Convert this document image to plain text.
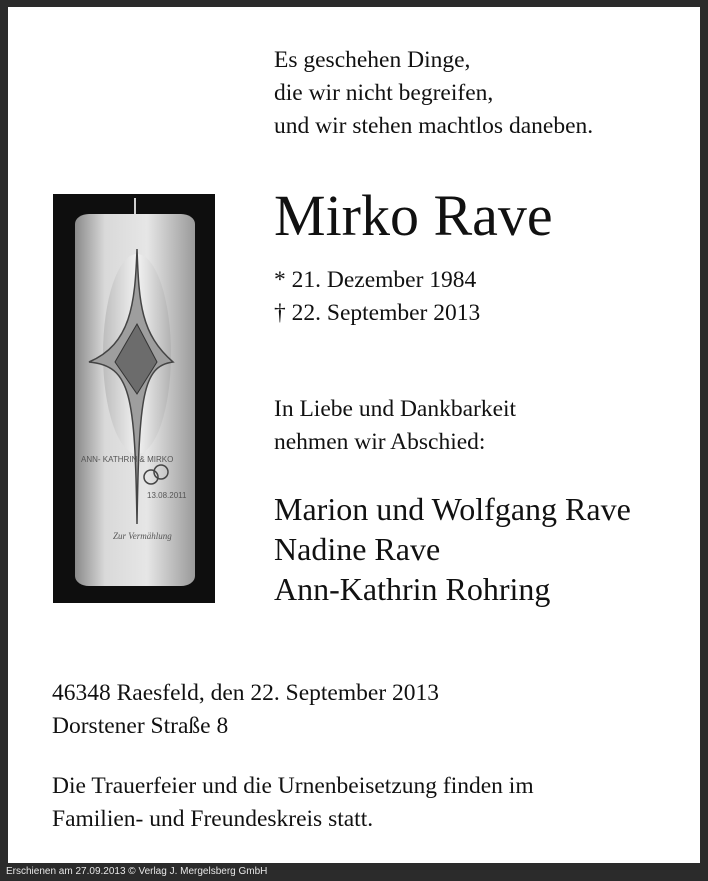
Es geschehen Dinge,
die wir nicht begreifen,
und wir stehen machtlos daneben.
Mirko Rave
* 21. Dezember 1984
† 22. September 2013
In Liebe und Dankbarkeit
nehmen wir Abschied:
Marion und Wolfgang Rave
Nadine Rave
Ann-Kathrin Rohring
46348 Raesfeld, den 22. September 2013
Dorstener Straße 8
Die Trauerfeier und die Urnenbeisetzung finden im
Familien- und Freundeskreis statt.
ANN- KATHRIN & MIRKO
13.08.2011
Zur Vermählung
Erschienen am 27.09.2013 © Verlag J. Mergelsberg GmbH
